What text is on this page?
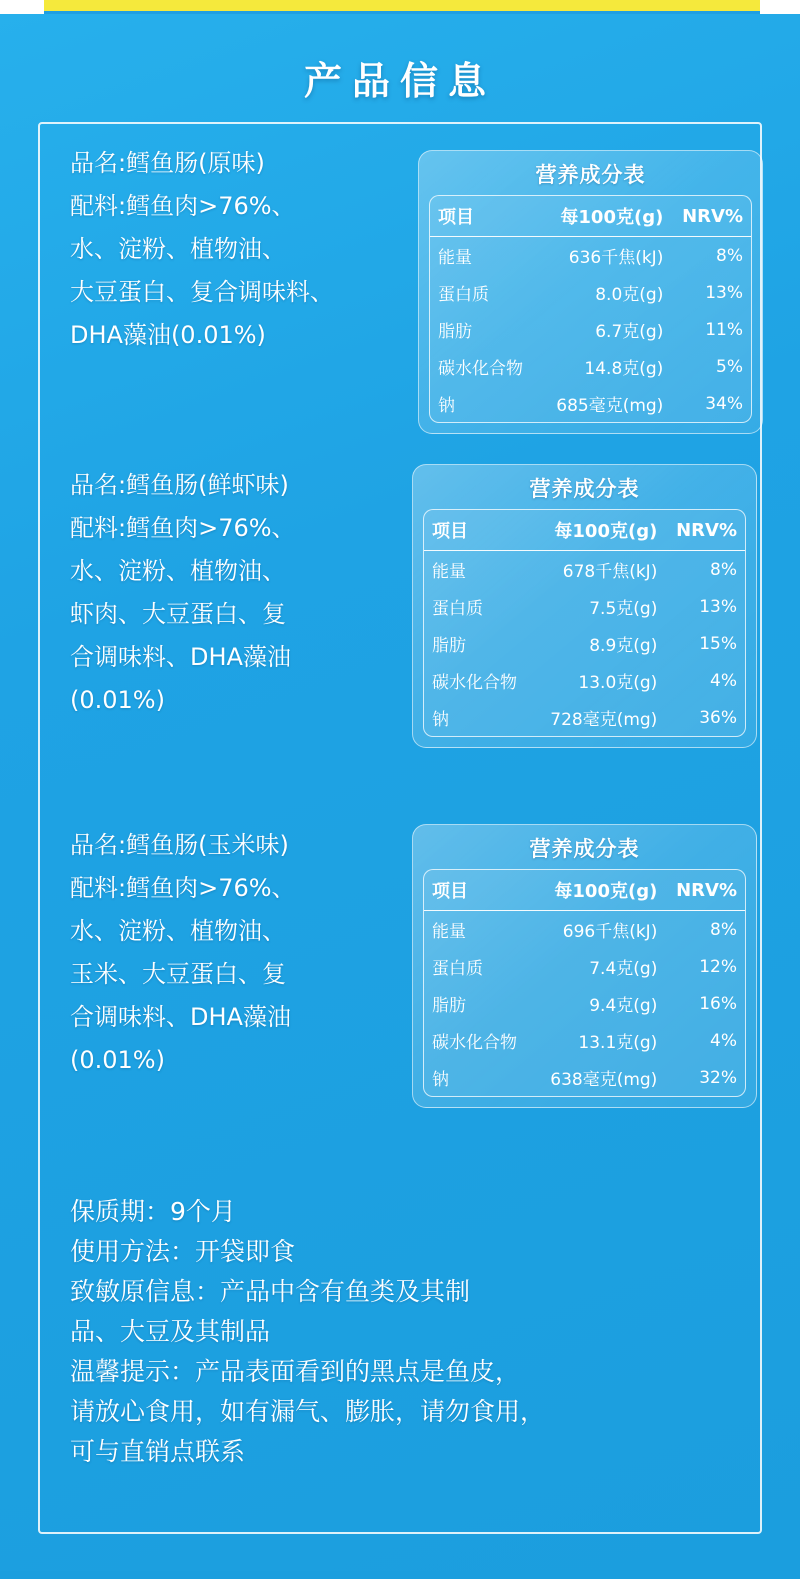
产品信息
品名:鳕鱼肠(原味)
配料:鳕鱼肉>76%、
水、淀粉、植物油、
大豆蛋白、复合调味料、
DHA藻油(0.01%)
营养成分表
项目	每100克(g)	NRV%
能量	636千焦(kJ)	8%
蛋白质	8.0克(g)	13%
脂肪	6.7克(g)	11%
碳水化合物	14.8克(g)	5%
钠	685毫克(mg)	34%
品名:鳕鱼肠(鲜虾味)
配料:鳕鱼肉>76%、
水、淀粉、植物油、
虾肉、大豆蛋白、复
合调味料、DHA藻油
(0.01%)
营养成分表
项目	每100克(g)	NRV%
能量	678千焦(kJ)	8%
蛋白质	7.5克(g)	13%
脂肪	8.9克(g)	15%
碳水化合物	13.0克(g)	4%
钠	728毫克(mg)	36%
品名:鳕鱼肠(玉米味)
配料:鳕鱼肉>76%、
水、淀粉、植物油、
玉米、大豆蛋白、复
合调味料、DHA藻油
(0.01%)
营养成分表
项目	每100克(g)	NRV%
能量	696千焦(kJ)	8%
蛋白质	7.4克(g)	12%
脂肪	9.4克(g)	16%
碳水化合物	13.1克(g)	4%
钠	638毫克(mg)	32%
保质期：9个月
使用方法：开袋即食
致敏原信息：产品中含有鱼类及其制
品、大豆及其制品
温馨提示：产品表面看到的黑点是鱼皮，
请放心食用，如有漏气、膨胀，请勿食用，
可与直销点联系
